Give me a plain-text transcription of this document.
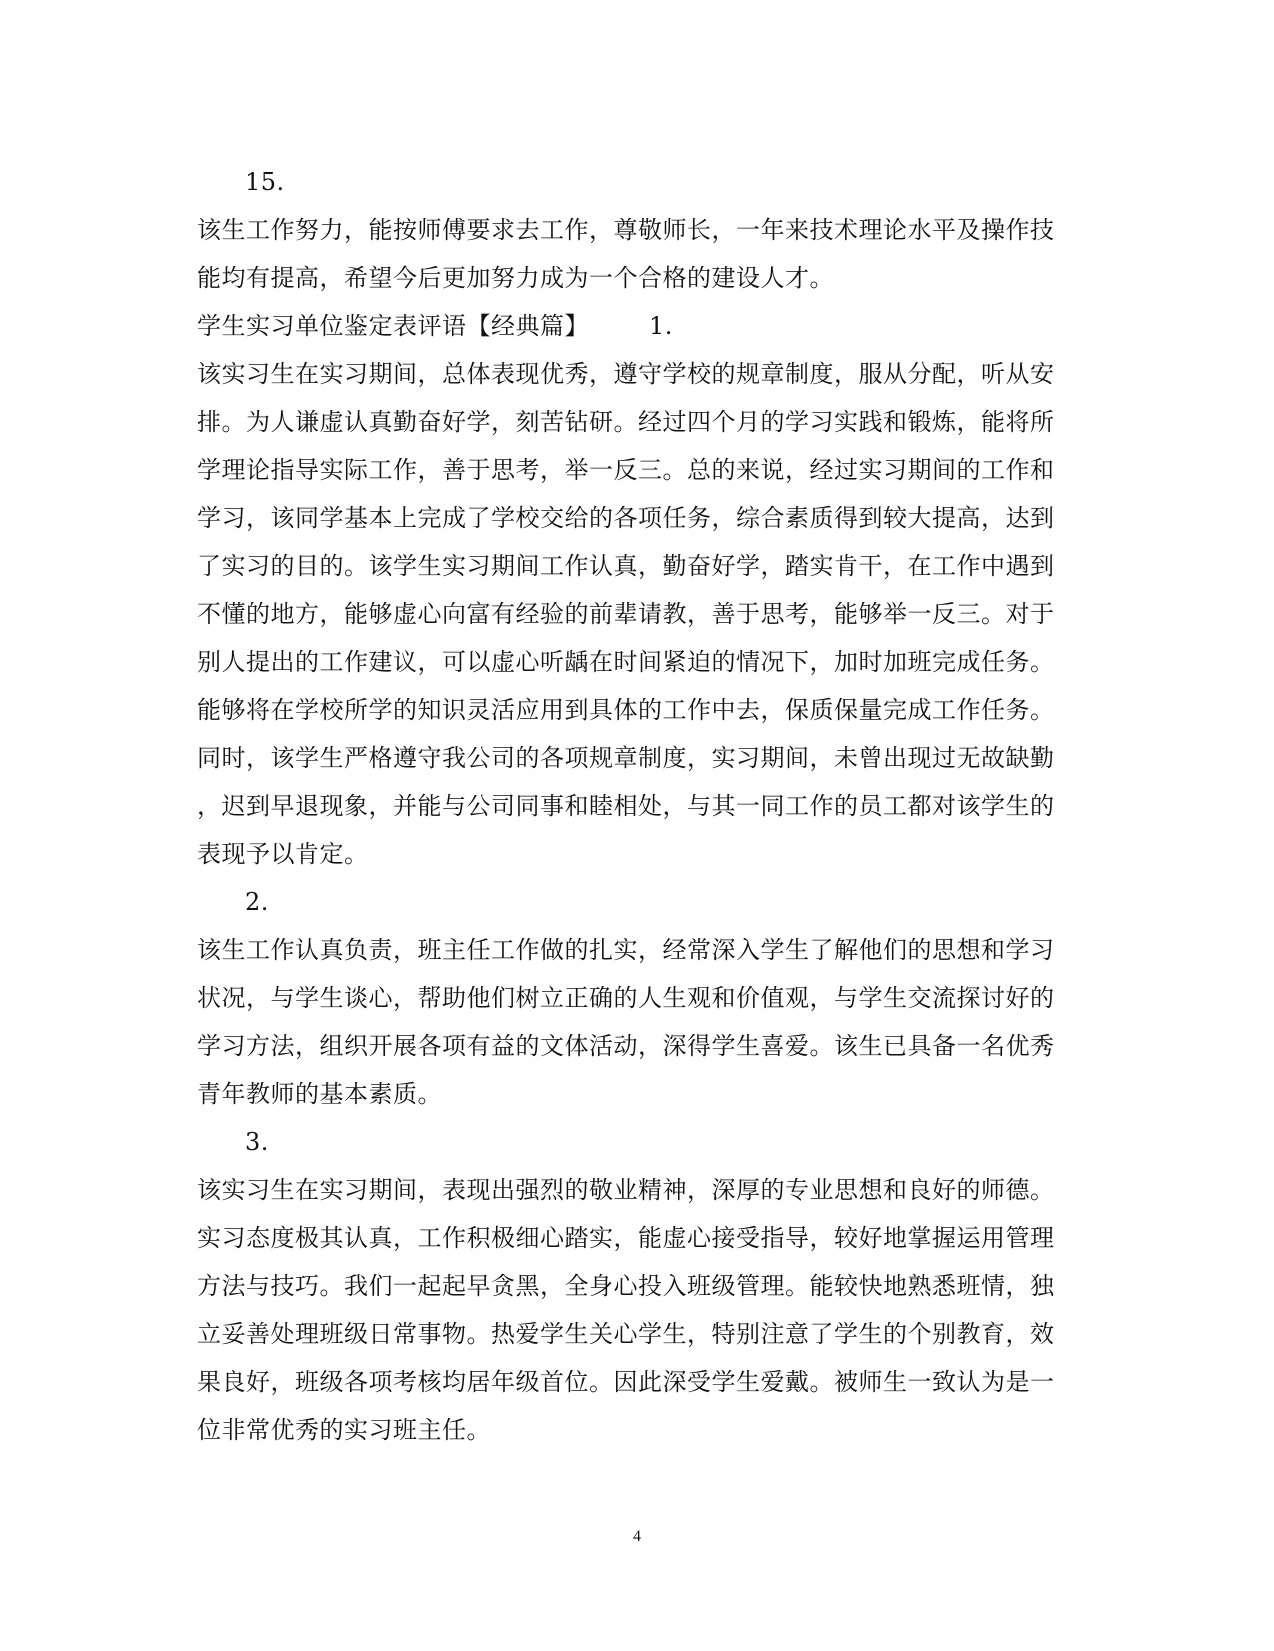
15.
该生工作努力，能按师傅要求去工作，尊敬师长，一年来技术理论水平及操作技
能均有提高，希望今后更加努力成为一个合格的建设人才。
学生实习单位鉴定表评语【经典篇】	1.
该实习生在实习期间，总体表现优秀，遵守学校的规章制度，服从分配，听从安
排。为人谦虚认真勤奋好学，刻苦钻研。经过四个月的学习实践和锻炼，能将所
学理论指导实际工作，善于思考，举一反三。总的来说，经过实习期间的工作和
学习，该同学基本上完成了学校交给的各项任务，综合素质得到较大提高，达到
了实习的目的。该学生实习期间工作认真，勤奋好学，踏实肯干，在工作中遇到
不懂的地方，能够虚心向富有经验的前辈请教，善于思考，能够举一反三。对于
别人提出的工作建议，可以虚心听龋在时间紧迫的情况下，加时加班完成任务。
能够将在学校所学的知识灵活应用到具体的工作中去，保质保量完成工作任务。
同时，该学生严格遵守我公司的各项规章制度，实习期间，未曾出现过无故缺勤
，迟到早退现象，并能与公司同事和睦相处，与其一同工作的员工都对该学生的
表现予以肯定。
2.
该生工作认真负责，班主任工作做的扎实，经常深入学生了解他们的思想和学习
状况，与学生谈心，帮助他们树立正确的人生观和价值观，与学生交流探讨好的
学习方法，组织开展各项有益的文体活动，深得学生喜爱。该生已具备一名优秀
青年教师的基本素质。
3.
该实习生在实习期间，表现出强烈的敬业精神，深厚的专业思想和良好的师德。
实习态度极其认真，工作积极细心踏实，能虚心接受指导，较好地掌握运用管理
方法与技巧。我们一起起早贪黑，全身心投入班级管理。能较快地熟悉班情，独
立妥善处理班级日常事物。热爱学生关心学生，特别注意了学生的个别教育，效
果良好，班级各项考核均居年级首位。因此深受学生爱戴。被师生一致认为是一
位非常优秀的实习班主任。
4
